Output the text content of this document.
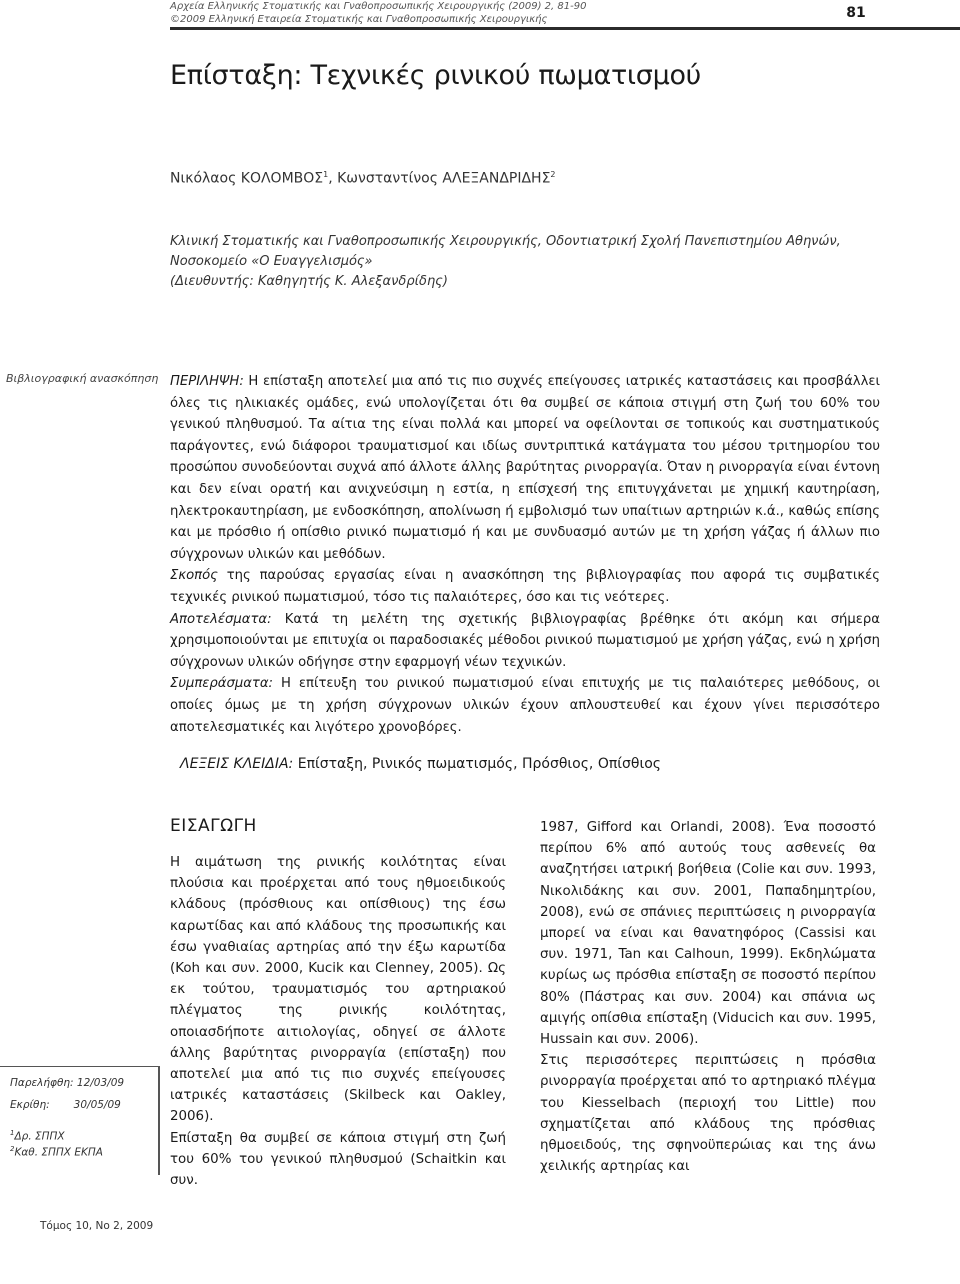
Αρχεία Ελληνικής Στοματικής και Γναθοπροσωπικής Χειρουργικής (2009) 2, 81-90
©2009 Ελληνική Εταιρεία Στοματικής και Γναθοπροσωπικής Χειρουργικής	81
Επίσταξη: Τεχνικές ρινικού πωματισμού
Νικόλαος ΚΟΛΟΜΒΟΣ$^1$, Κωνσταντίνος ΑΛΕΞΑΝΔΡΙΔΗΣ$^2$
Κλινική Στοματικής και Γναθοπροσωπικής Χειρουργικής, Οδοντιατρική Σχολή Πανεπιστημίου Αθηνών,
Νοσοκομείο «Ο Ευαγγελισμός»
(Διευθυντής: Καθηγητής Κ. Αλεξανδρίδης)
Βιβλιογραφική ανασκόπηση ΠΕΡΙΛΗΨΗ: Η επίσταξη αποτελεί μια από τις πιο συχνές επείγουσες ιατρικές καταστάσεις και προσβάλλει όλες τις ηλικιακές ομάδες, ενώ υπολογίζεται ότι θα συμβεί σε κάποια στιγμή στη ζωή του 60% του γενικού πληθυσμού. Τα αίτια της είναι πολλά και μπορεί να οφείλονται σε τοπικούς και συστηματικούς παράγοντες, ενώ διάφοροι τραυματισμοί και ιδίως συντριπτικά κατάγματα του μέσου τριτημορίου του προσώπου συνοδεύονται συχνά από άλλοτε άλλης βαρύτητας ρινορραγία. Όταν η ρινορραγία είναι έντονη και δεν είναι ορατή και ανιχνεύσιμη η εστία, η επίσχεσή της επιτυγχάνεται με χημική καυτηρίαση, ηλεκτροκαυτηρίαση, με ενδοσκόπηση, απολίνωση ή εμβολισμό των υπαίτιων αρτηριών κ.ά., καθώς επίσης και με πρόσθιο ή οπίσθιο ρινικό πωματισμό ή και με συνδυασμό αυτών με τη χρήση γάζας ή άλλων πιο σύγχρονων υλικών και μεθόδων.

Σκοπός της παρούσας εργασίας είναι η ανασκόπηση της βιβλιογραφίας που αφορά τις συμβατικές τεχνικές ρινικού πωματισμού, τόσο τις παλαιότερες, όσο και τις νεότερες.

Αποτελέσματα: Κατά τη μελέτη της σχετικής βιβλιογραφίας βρέθηκε ότι ακόμη και σήμερα χρησιμοποιούνται με επιτυχία οι παραδοσιακές μέθοδοι ρινικού πωματισμού με χρήση γάζας, ενώ η χρήση σύγχρονων υλικών οδήγησε στην εφαρμογή νέων τεχνικών.

Συμπεράσματα: Η επίτευξη του ρινικού πωματισμού είναι επιτυχής με τις παλαιότερες μεθόδους, οι οποίες όμως με τη χρήση σύγχρονων υλικών έχουν απλουστευθεί και έχουν γίνει περισσότερο αποτελεσματικές και λιγότερο χρονοβόρες.

ΛΕΞΕΙΣ ΚΛΕΙΔΙΑ: Επίσταξη, Ρινικός πωματισμός, Πρόσθιος, Οπίσθιος
ΕΙΣΑΓΩΓΗ

Η αιμάτωση της ρινικής κοιλότητας είναι πλούσια και προέρχεται από τους ηθμοειδικούς κλάδους (πρόσθιους και οπίσθιους) της έσω καρωτίδας και από κλάδους της προσωπικής και έσω γναθιαίας αρτηρίας από την έξω καρωτίδα (Koh και συν. 2000, Kucik και Clenney, 2005). Ως εκ τούτου, τραυματισμός του αρτηριακού πλέγματος της ρινικής κοιλότητας, οποιασδήποτε αιτιολογίας, οδηγεί σε άλλοτε άλλης βαρύτητας ρινορραγία (επίσταξη) που αποτελεί μια από τις πιο συχνές επείγουσες ιατρικές καταστάσεις (Skilbeck και Oakley, 2006).

Επίσταξη θα συμβεί σε κάποια στιγμή στη ζωή του 60% του γενικού πληθυσμού (Schaitkin και συν.

1987, Gifford και Orlandi, 2008). Ένα ποσοστό περίπου 6% από αυτούς τους ασθενείς θα αναζητήσει ιατρική βοήθεια (Colie και συν. 1993, Νικολιδάκης και συν. 2001, Παπαδημητρίου, 2008), ενώ σε σπάνιες περιπτώσεις η ρινορραγία μπορεί να είναι και θανατηφόρος (Cassisi και συν. 1971, Tan και Calhoun, 1999). Εκδηλώματα κυρίως ως πρόσθια επίσταξη σε ποσοστό περίπου 80% (Πάστρας και συν. 2004) και σπάνια ως αμιγής οπίσθια επίσταξη (Viducich και συν. 1995, Hussain και συν. 2006).

Στις περισσότερες περιπτώσεις η πρόσθια ρινορραγία προέρχεται από το αρτηριακό πλέγμα του Kiesselbach (περιοχή του Little) που σχηματίζεται από κλάδους της πρόσθιας ηθμοειδούς, της σφηνοϋπερώιας και της άνω χειλικής αρτηρίας και

Παρελήφθη: 12/03/09
Εκρίθη: 30/05/09
$^1$Δρ. ΣΠΠΧ
$^2$Καθ. ΣΠΠΧ ΕΚΠΑ
Τόμος 10, Νο 2, 2009
